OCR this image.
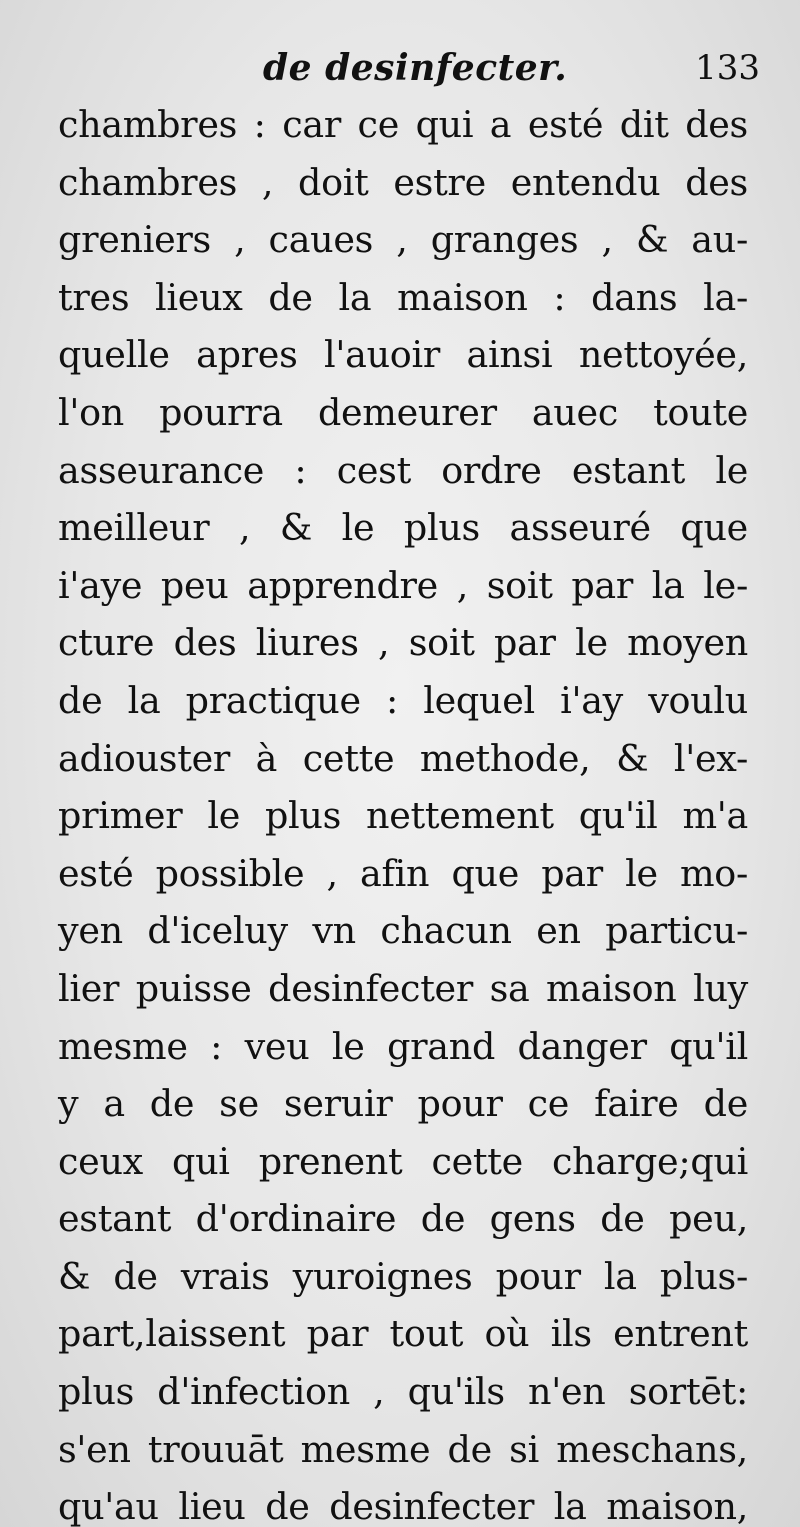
de desinfecter.	133
chambres : car ce qui a esté dit des
chambres , doit estre entendu des
greniers , caues , granges , & au-
tres lieux de la maison : dans la-
quelle apres l'auoir ainsi nettoyée,
l'on pourra demeurer auec toute
asseurance : cest ordre estant le
meilleur , & le plus asseuré que
i'aye peu apprendre , soit par la le-
cture des liures , soit par le moyen
de la practique : lequel i'ay voulu
adiouster à cette methode, & l'ex-
primer le plus nettement qu'il m'a
esté possible , afin que par le mo-
yen d'iceluy vn chacun en particu-
lier puisse desinfecter sa maison luy
mesme : veu le grand danger qu'il
y a de se seruir pour ce faire de
ceux qui prenent cette charge;qui
estant d'ordinaire de gens de peu,
& de vrais yuroignes pour la plus-
part,laissent par tout où ils entrent
plus d'infection , qu'ils n'en sortēt:
s'en trouuāt mesme de si meschans,
qu'au lieu de desinfecter la maison,
